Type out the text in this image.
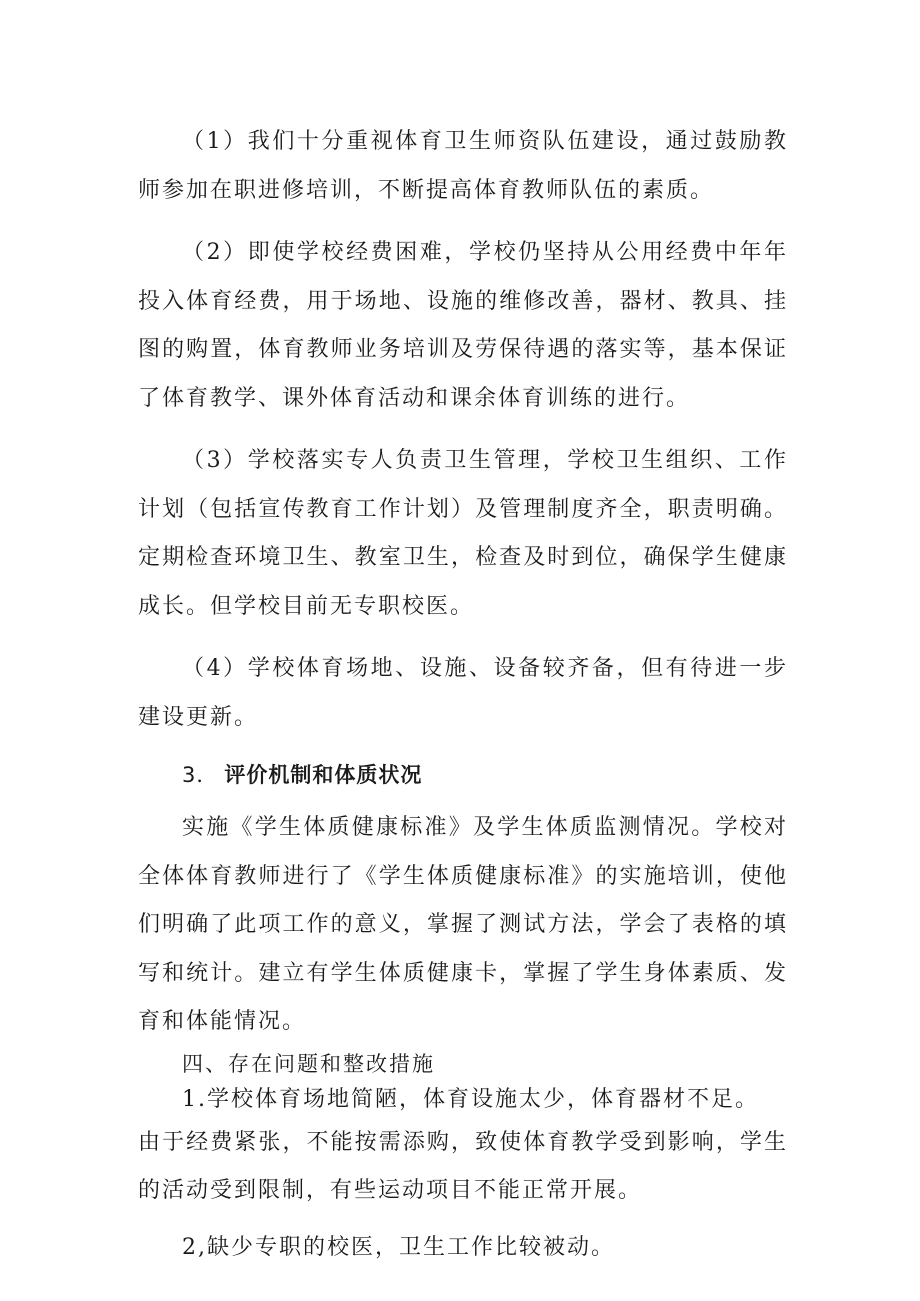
（1）我们十分重视体育卫生师资队伍建设，通过鼓励教师参加在职进修培训，不断提高体育教师队伍的素质。

（2）即使学校经费困难，学校仍坚持从公用经费中年年投入体育经费，用于场地、设施的维修改善，器材、教具、挂图的购置，体育教师业务培训及劳保待遇的落实等，基本保证了体育教学、课外体育活动和课余体育训练的进行。

（3）学校落实专人负责卫生管理，学校卫生组织、工作计划（包括宣传教育工作计划）及管理制度齐全，职责明确。定期检查环境卫生、教室卫生，检查及时到位，确保学生健康成长。但学校目前无专职校医。

（4）学校体育场地、设施、设备较齐备，但有待进一步建设更新。

3． 评价机制和体质状况

实施《学生体质健康标准》及学生体质监测情况。学校对全体体育教师进行了《学生体质健康标准》的实施培训，使他们明确了此项工作的意义，掌握了测试方法，学会了表格的填写和统计。建立有学生体质健康卡，掌握了学生身体素质、发育和体能情况。

四、存在问题和整改措施

1.学校体育场地简陋，体育设施太少，体育器材不足。

由于经费紧张，不能按需添购，致使体育教学受到影响，学生的活动受到限制，有些运动项目不能正常开展。

2,缺少专职的校医，卫生工作比较被动。
